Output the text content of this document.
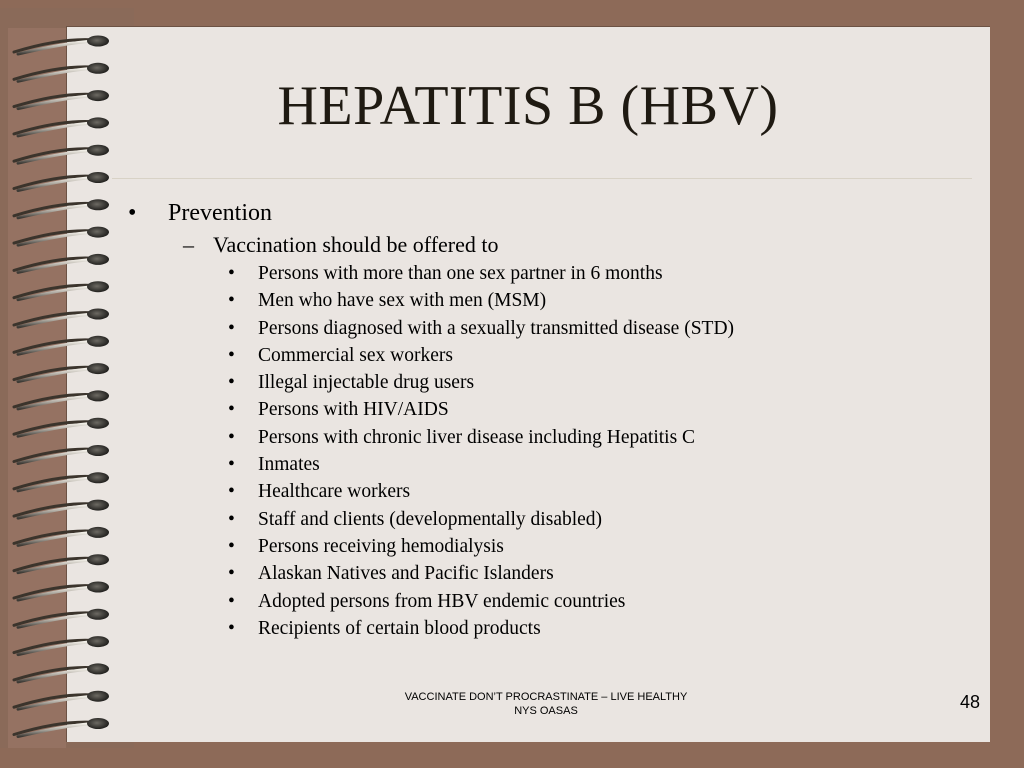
HEPATITIS B (HBV)
• Prevention
– Vaccination should be offered to
• Persons with more than one sex partner in 6 months
• Men who have sex with men (MSM)
• Persons diagnosed with a sexually transmitted disease (STD)
• Commercial sex workers
• Illegal injectable drug users
• Persons with HIV/AIDS
• Persons with chronic liver disease including Hepatitis C
• Inmates
• Healthcare workers
• Staff and clients (developmentally disabled)
• Persons receiving hemodialysis
• Alaskan Natives and Pacific Islanders
• Adopted persons from HBV endemic countries
• Recipients of certain blood products
VACCINATE DON’T PROCRASTINATE – LIVE HEALTHY
NYS OASAS	48
